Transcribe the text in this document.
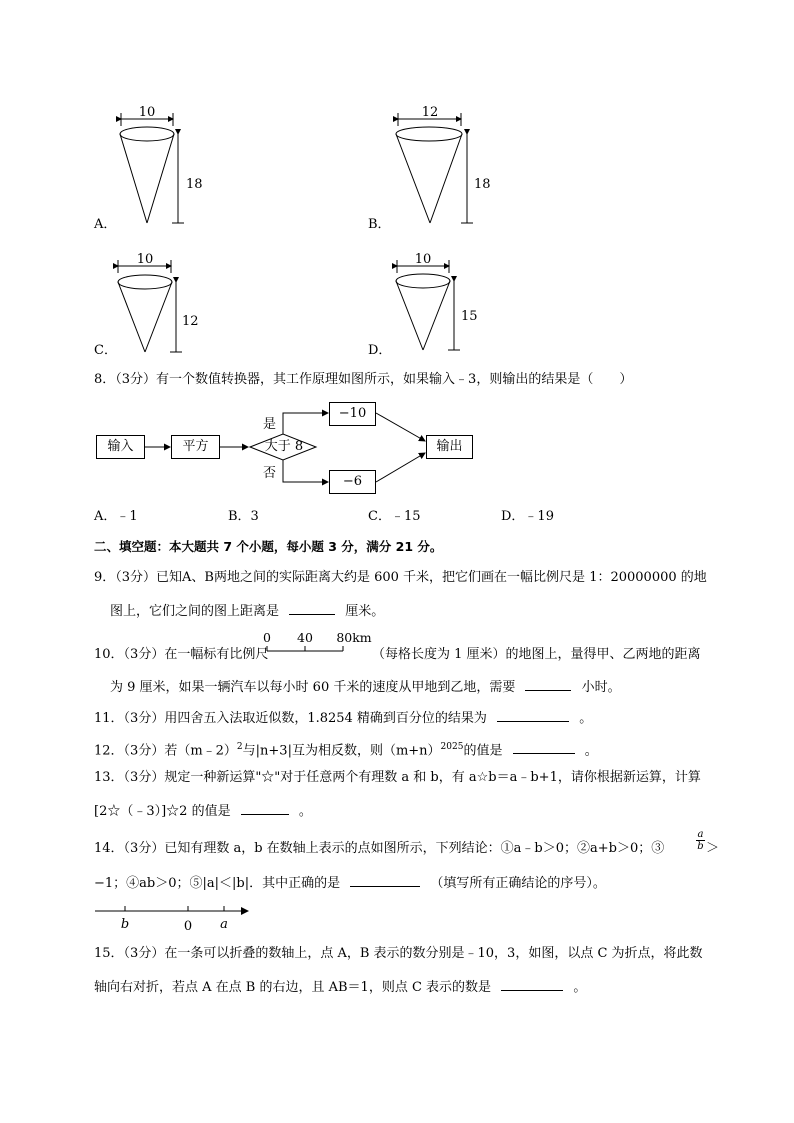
10
18
A．
12
18
B．
10
12
C．
10
15
D．
8．（3分）有一个数值转换器，其工作原理如图所示，如果输入﹣3，则输出的结果是（　　）
输入	平方	大于 8
是
否
−10
−6
输出
A．﹣1	B．3	C．﹣15	D．﹣19
二、填空题：本大题共 7 个小题，每小题 3 分，满分 21 分。
9．（3分）已知A、B两地之间的实际距离大约是 600 千米，把它们画在一幅比例尺是 1：20000000 的地
图上，它们之间的图上距离是	厘米。
10．（3分）在一幅标有比例尺
0 40 80km
（每格长度为 1 厘米）的地图上，量得甲、乙两地的距离
为 9 厘米，如果一辆汽车以每小时 60 千米的速度从甲地到乙地，需要	小时。
11．（3分）用四舍五入法取近似数，1.8254 精确到百分位的结果为	。
12．（3分）若（m﹣2）$^2$与|n+3|互为相反数，则$(m+n)^{2025}$的值是	。
13．（3分）规定一种新运算"☆"对于任意两个有理数 a 和 b，有 a☆b＝a﹣b+1，请你根据新运算，计算
[2☆（﹣3）]☆2 的值是	。
14．（3分）已知有理数 a，b 在数轴上表示的点如图所示，下列结论：①a﹣b＞0；②a+b＞0；③
a
b ＞
−1；④ab＞0；⑤|a|＜|b|．其中正确的是	（填写所有正确结论的序号）。
b	0 a
15．（3分）在一条可以折叠的数轴上，点 A，B 表示的数分别是﹣10，3，如图，以点 C 为折点，将此数
轴向右对折，若点 A 在点 B 的右边，且 AB＝1，则点 C 表示的数是	。
